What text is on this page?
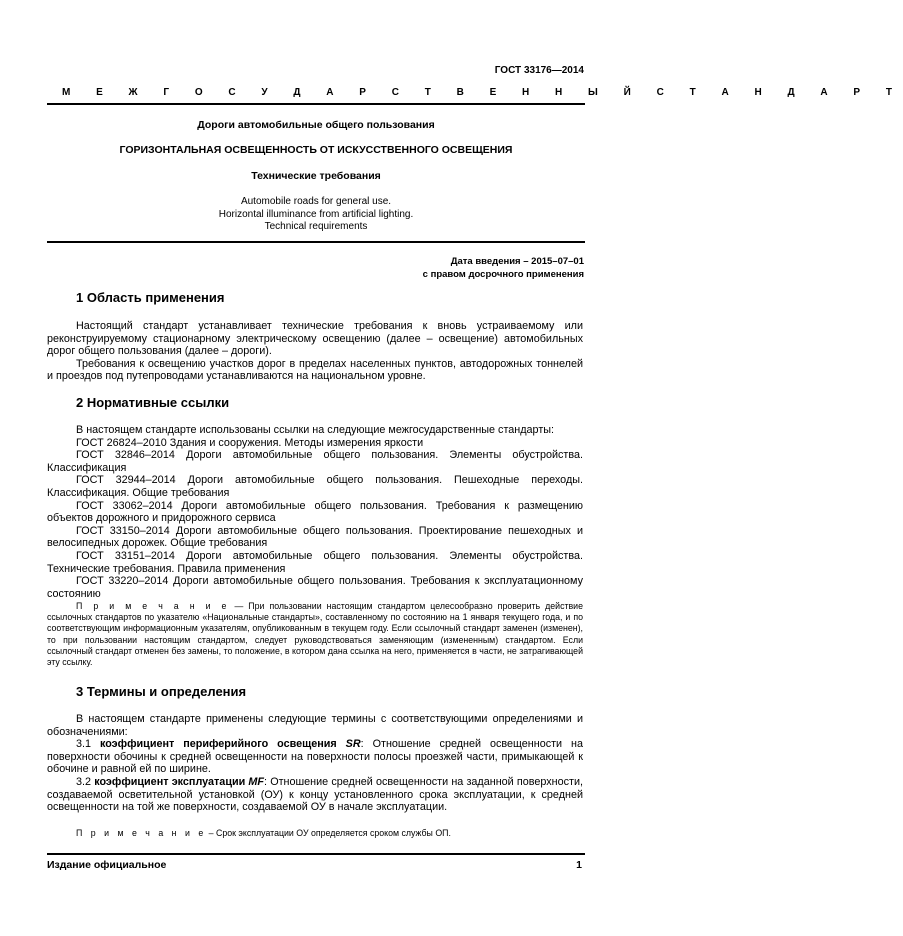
ГОСТ 33176—2014
М Е Ж Г О С У Д А Р С Т В Е Н Н Ы Й С Т А Н Д А Р Т
Дороги автомобильные общего пользования
ГОРИЗОНТАЛЬНАЯ ОСВЕЩЕННОСТЬ ОТ ИСКУССТВЕННОГО ОСВЕЩЕНИЯ
Технические требования
Automobile roads for general use.
Horizontal illuminance from artificial lighting.
Technical requirements
Дата введения – 2015–07–01
с правом досрочного применения
1 Область применения

Настоящий стандарт устанавливает технические требования к вновь устраиваемому или реконструируемому стационарному электрическому освещению (далее – освещение) автомобильных дорог общего пользования (далее – дороги).

Требования к освещению участков дорог в пределах населенных пунктов, автодорожных тоннелей и проездов под путепроводами устанавливаются на национальном уровне.

2 Нормативные ссылки

В настоящем стандарте использованы ссылки на следующие межгосударственные стандарты:

ГОСТ 26824–2010 Здания и сооружения. Методы измерения яркости

ГОСТ 32846–2014 Дороги автомобильные общего пользования. Элементы обустройства. Классификация

ГОСТ 32944–2014 Дороги автомобильные общего пользования. Пешеходные переходы. Классификация. Общие требования

ГОСТ 33062–2014 Дороги автомобильные общего пользования. Требования к размещению объектов дорожного и придорожного сервиса

ГОСТ 33150–2014 Дороги автомобильные общего пользования. Проектирование пешеходных и велосипедных дорожек. Общие требования

ГОСТ 33151–2014 Дороги автомобильные общего пользования. Элементы обустройства. Технические требования. Правила применения

ГОСТ 33220–2014 Дороги автомобильные общего пользования. Требования к эксплуатационному состоянию

П р и м е ч а н и е — При пользовании настоящим стандартом целесообразно проверить действие ссылочных стандартов по указателю «Национальные стандарты», составленному по состоянию на 1 января текущего года, и по соответствующим информационным указателям, опубликованным в текущем году. Если ссылочный стандарт заменен (изменен), то при пользовании настоящим стандартом, следует руководствоваться заменяющим (измененным) стандартом. Если ссылочный стандарт отменен без замены, то положение, в котором дана ссылка на него, применяется в части, не затрагивающей эту ссылку.

3 Термины и определения

В настоящем стандарте применены следующие термины с соответствующими определениями и обозначениями:

3.1 коэффициент периферийного освещения SR: Отношение средней освещенности на поверхности обочины к средней освещенности на поверхности полосы проезжей части, примыкающей к обочине и равной ей по ширине.

3.2 коэффициент эксплуатации MF: Отношение средней освещенности на заданной поверхности, создаваемой осветительной установкой (ОУ) к концу установленного срока эксплуатации, к средней освещенности на той же поверхности, создаваемой ОУ в начале эксплуатации.

П р и м е ч а н и е – Срок эксплуатации ОУ определяется сроком службы ОП.

Издание официальное	1
